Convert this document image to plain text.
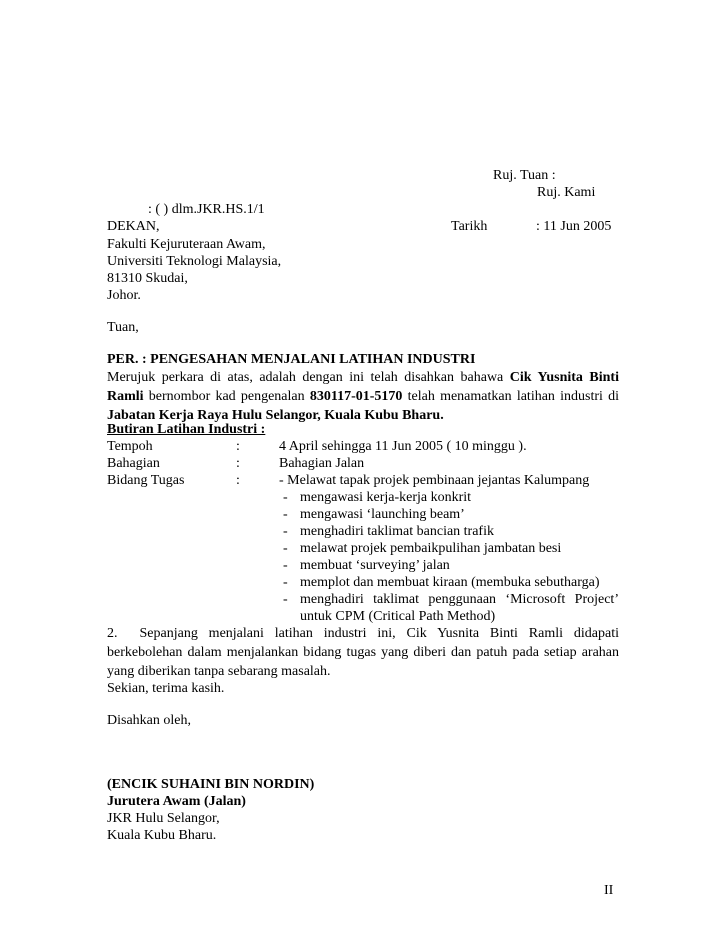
Ruj. Tuan :
Ruj. Kami
: ( ) dlm.JKR.HS.1/1
DEKAN,	Tarikh	: 11 Jun 2005
Fakulti Kejuruteraan Awam,
Universiti Teknologi Malaysia,
81310 Skudai,
Johor.
Tuan,
PER. : PENGESAHAN MENJALANI LATIHAN INDUSTRI
Merujuk perkara di atas, adalah dengan ini telah disahkan bahawa Cik Yusnita Binti
Ramli bernombor kad pengenalan 830117-01-5170 telah menamatkan latihan industri di
Jabatan Kerja Raya Hulu Selangor, Kuala Kubu Bharu.
Butiran Latihan Industri :
Tempoh	:	4 April sehingga 11 Jun 2005 ( 10 minggu ).
Bahagian	:	Bahagian Jalan
Bidang Tugas	:	- Melawat tapak projek pembinaan jejantas Kalumpang
- mengawasi kerja-kerja konkrit
- mengawasi ‘launching beam’
- menghadiri taklimat bancian trafik
- melawat projek pembaikpulihan jambatan besi
- membuat ‘surveying’ jalan
- memplot dan membuat kiraan (membuka sebutharga)
- menghadiri taklimat penggunaan ‘Microsoft Project’
untuk CPM (Critical Path Method)
2. Sepanjang menjalani latihan industri ini, Cik Yusnita Binti Ramli didapati
berkebolehan dalam menjalankan bidang tugas yang diberi dan patuh pada setiap arahan
yang diberikan tanpa sebarang masalah.
Sekian, terima kasih.
Disahkan oleh,
(ENCIK SUHAINI BIN NORDIN)
Jurutera Awam (Jalan)
JKR Hulu Selangor,
Kuala Kubu Bharu.
II
